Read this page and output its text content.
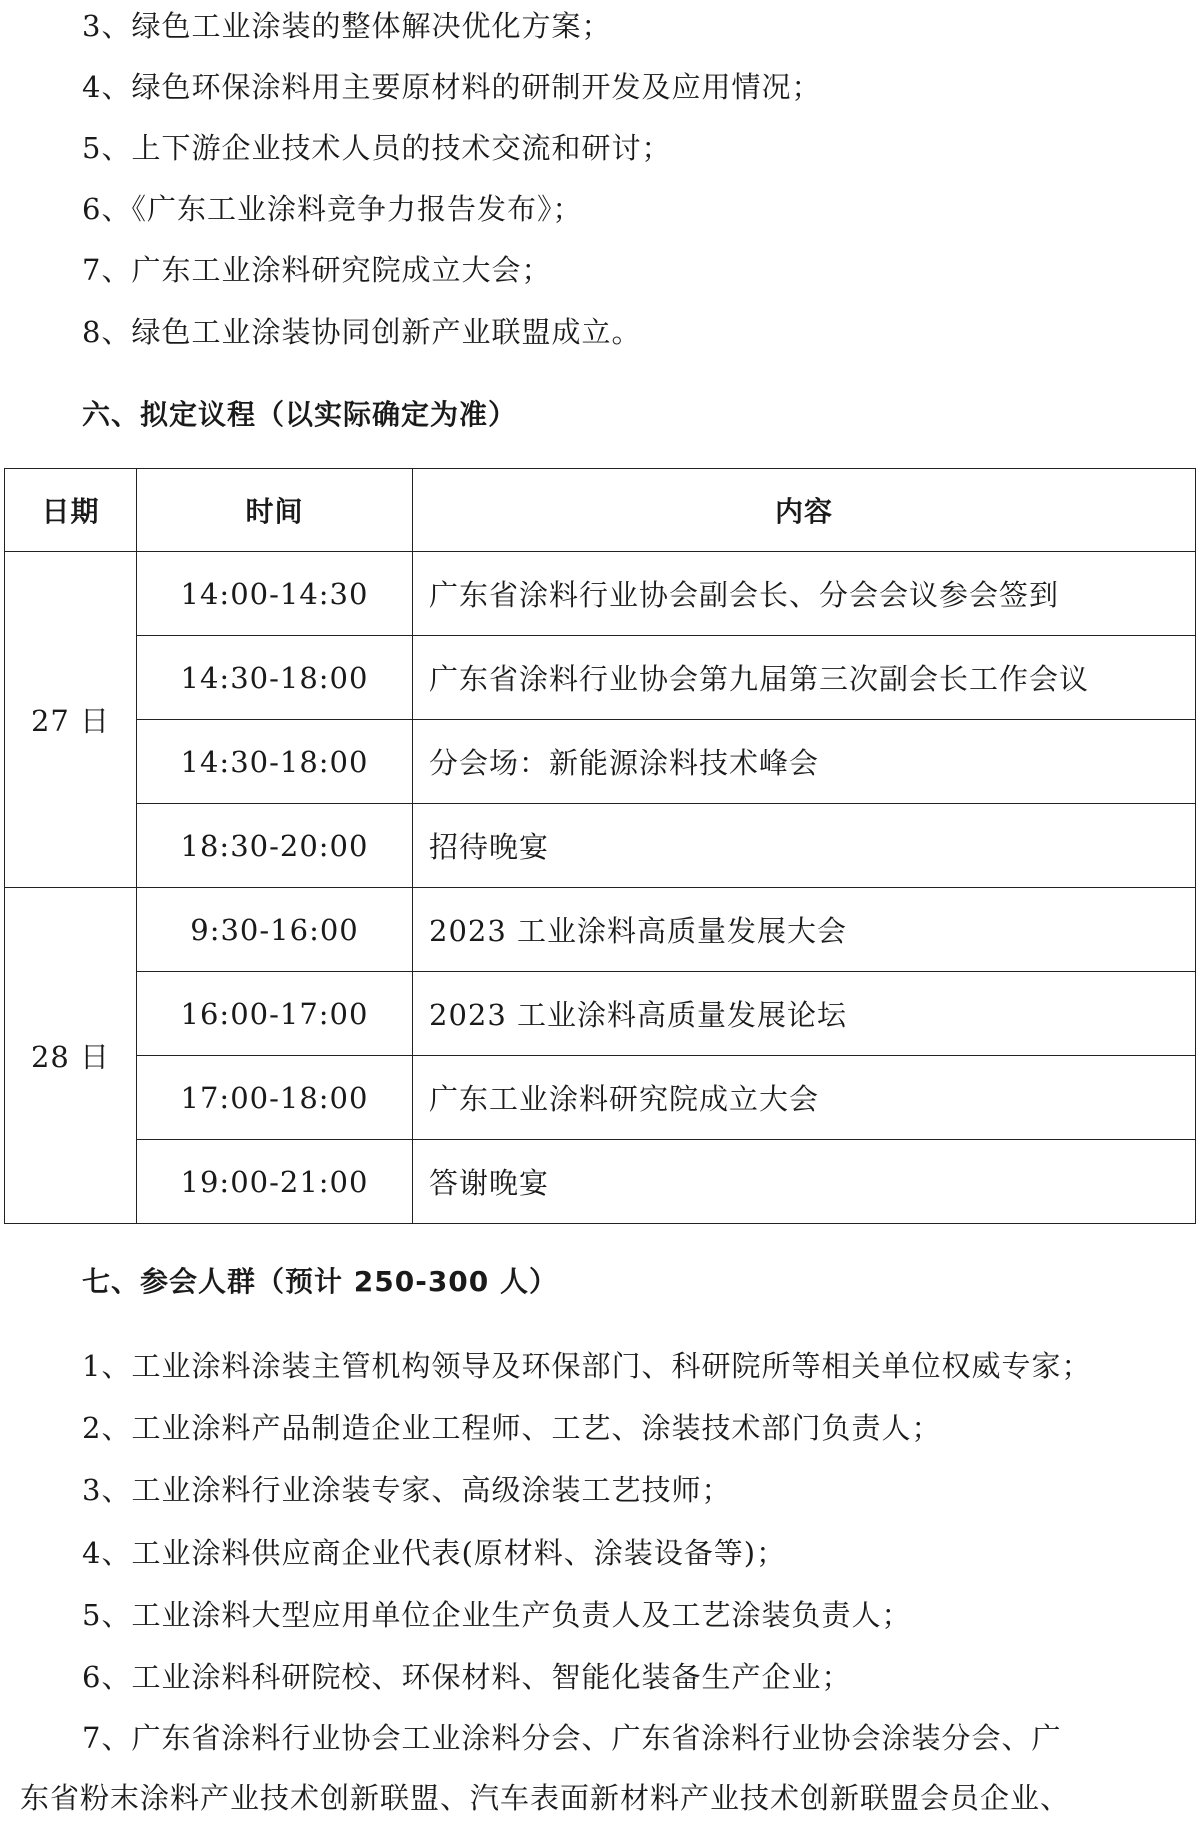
3、绿色工业涂装的整体解决优化方案；
4、绿色环保涂料用主要原材料的研制开发及应用情况；
5、上下游企业技术人员的技术交流和研讨；
6、《广东工业涂料竞争力报告发布》；
7、广东工业涂料研究院成立大会；
8、绿色工业涂装协同创新产业联盟成立。
六、拟定议程（以实际确定为准）
日期	时间	内容
27 日	14:00-14:30	广东省涂料行业协会副会长、分会会议参会签到
	14:30-18:00	广东省涂料行业协会第九届第三次副会长工作会议
	14:30-18:00	分会场：新能源涂料技术峰会
	18:30-20:00	招待晚宴
28 日	9:30-16:00	2023 工业涂料高质量发展大会
	16:00-17:00	2023 工业涂料高质量发展论坛
	17:00-18:00	广东工业涂料研究院成立大会
	19:00-21:00	答谢晚宴
七、参会人群（预计 250-300 人）
1、工业涂料涂装主管机构领导及环保部门、科研院所等相关单位权威专家；
2、工业涂料产品制造企业工程师、工艺、涂装技术部门负责人；
3、工业涂料行业涂装专家、高级涂装工艺技师；
4、工业涂料供应商企业代表(原材料、涂装设备等)；
5、工业涂料大型应用单位企业生产负责人及工艺涂装负责人；
6、工业涂料科研院校、环保材料、智能化装备生产企业；
7、广东省涂料行业协会工业涂料分会、广东省涂料行业协会涂装分会、广
东省粉末涂料产业技术创新联盟、汽车表面新材料产业技术创新联盟会员企业、
